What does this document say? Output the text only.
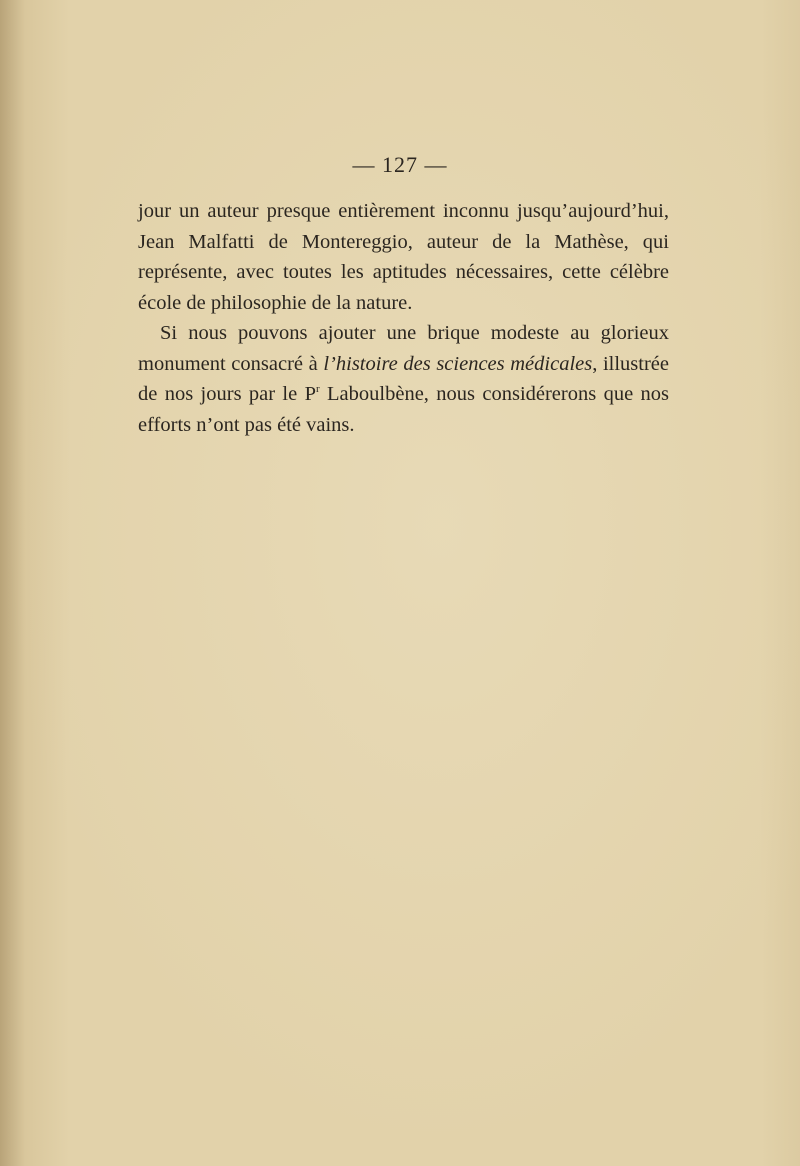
— 127 —

jour un auteur presque entièrement inconnu jusqu’aujourd’hui, Jean Malfatti de Montereggio, auteur de la Mathèse, qui représente, avec toutes les aptitudes nécessaires, cette célèbre école de philosophie de la nature.

Si nous pouvons ajouter une brique modeste au glorieux monument consacré à l’histoire des sciences médicales, illustrée de nos jours par le $P^r$ Laboulbène, nous considérerons que nos efforts n’ont pas été vains.
